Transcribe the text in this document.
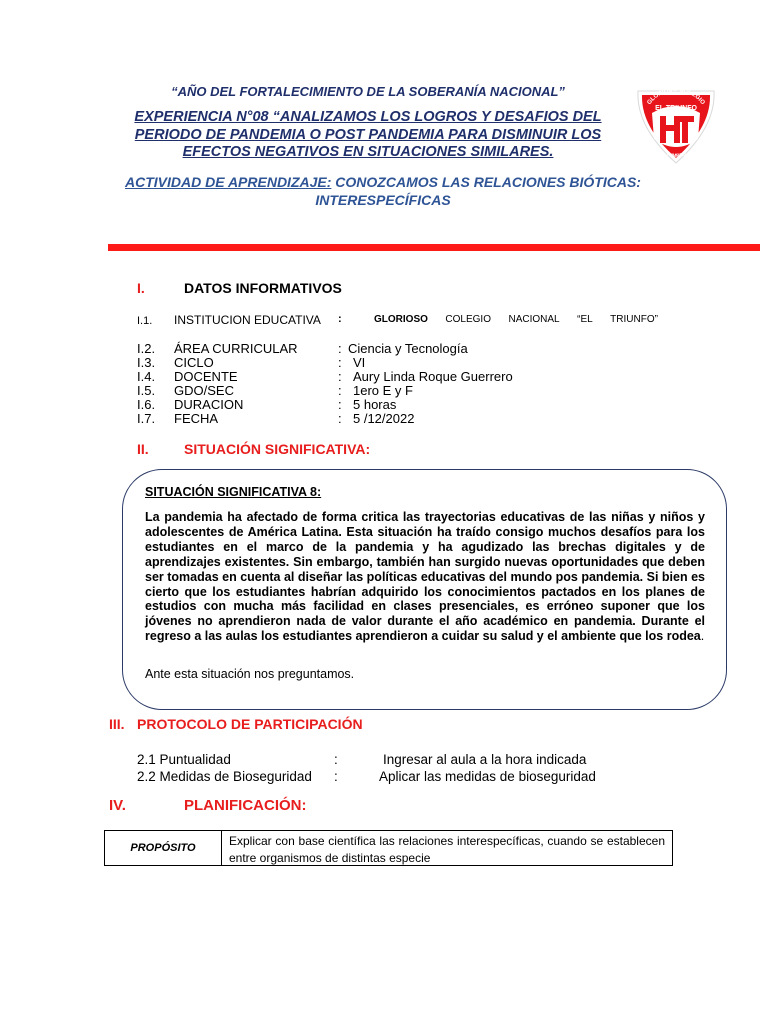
“AÑO DEL FORTALECIMIENTO DE LA SOBERANÍA NACIONAL”
EXPERIENCIA N°08 “ANALIZAMOS LOS LOGROS Y DESAFIOS DEL PERIODO DE PANDEMIA O POST PANDEMIA PARA DISMINUIR LOS EFECTOS NEGATIVOS EN SITUACIONES SIMILARES.
ACTIVIDAD DE APRENDIZAJE: CONOZCAMOS LAS RELACIONES BIÓTICAS: INTERESPECÍFICAS
GLORIOSO COLEGIO
EL TRIUNFO
TUMBES
I.	DATOS INFORMATIVOS
I.1. INSTITUCION EDUCATIVA :	GLORIOSO COLEGIO NACIONAL “EL TRIUNFO”
I.2. ÁREA CURRICULAR	: Ciencia y Tecnología
I.3. CICLO	: VI
I.4. DOCENTE	: Aury Linda Roque Guerrero
I.5. GDO/SEC	: 1ero E y F
I.6. DURACION	: 5 horas
I.7. FECHA	: 5 /12/2022
II.	SITUACIÓN SIGNIFICATIVA:
SITUACIÓN SIGNIFICATIVA 8:
La pandemia ha afectado de forma critica las trayectorias educativas de las niñas y niños y adolescentes de América Latina. Esta situación ha traído consigo muchos desafíos para los estudiantes en el marco de la pandemia y ha agudizado las brechas digitales y de aprendizajes existentes. Sin embargo, también han surgido nuevas oportunidades que deben ser tomadas en cuenta al diseñar las políticas educativas del mundo pos pandemia. Si bien es cierto que los estudiantes habrían adquirido los conocimientos pactados en los planes de estudios con mucha más facilidad en clases presenciales, es erróneo suponer que los jóvenes no aprendieron nada de valor durante el año académico en pandemia. Durante el regreso a las aulas los estudiantes aprendieron a cuidar su salud y el ambiente que los rodea.
Ante esta situación nos preguntamos.
III. PROTOCOLO DE PARTICIPACIÓN
2.1 Puntualidad	:	Ingresar al aula a la hora indicada
2.2 Medidas de Bioseguridad :	Aplicar las medidas de bioseguridad
IV.	PLANIFICACIÓN:
PROPÓSITO	Explicar con base científica las relaciones interespecíficas, cuando se establecen entre organismos de distintas especie
